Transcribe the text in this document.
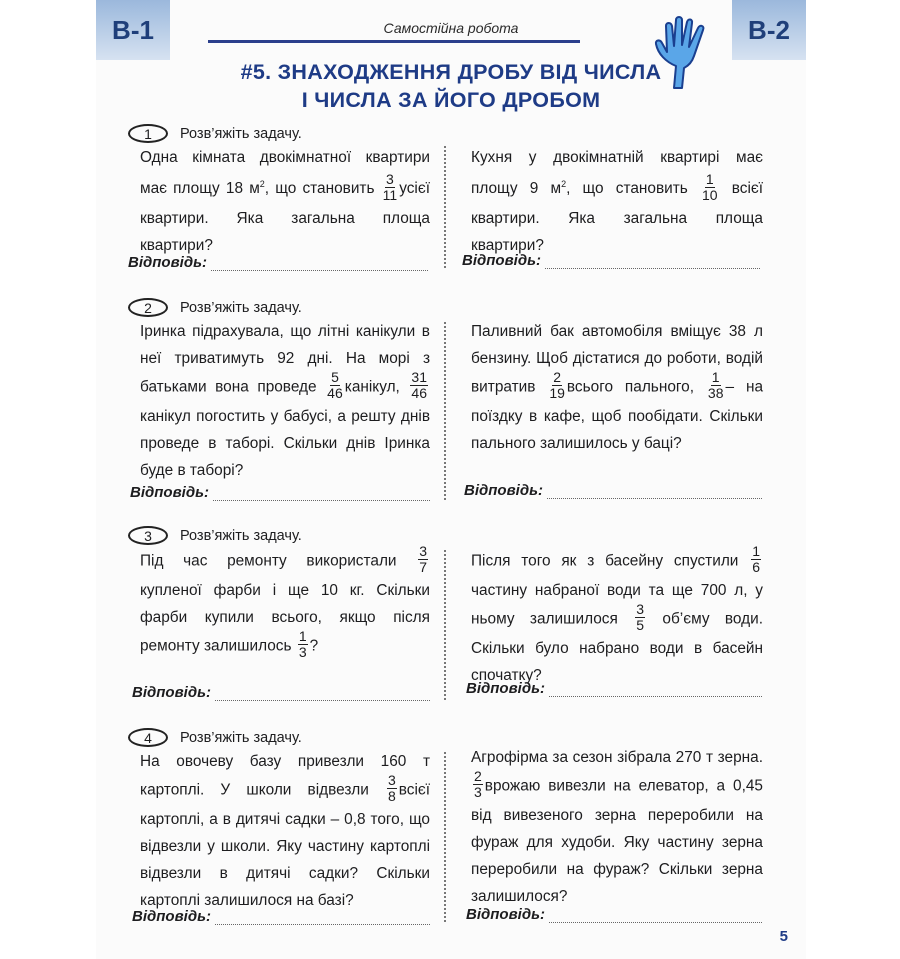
В-1	В-2
Самостійна робота
#5. ЗНАХОДЖЕННЯ ДРОБУ ВІД ЧИСЛА
І ЧИСЛА ЗА ЙОГО ДРОБОМ
1	Розв’яжіть задачу.
Одна кімната двокімнатної квартири має площу 18 $м^2$, що становить $\frac{3}{11}$ усієї квартири. Яка загальна площа квартири?
Кухня у двокімнатній квартирі має площу 9 $м^2$, що становить $\frac{1}{10}$ всієї квартири. Яка загальна площа квартири?
Відповідь:	Відповідь:
2	Розв’яжіть задачу.
Іринка підрахувала, що літні канікули в неї триватимуть 92 дні. На морі з батьками вона проведе $\frac{5}{46}$ канікул, $\frac{31}{46}$
канікул погостить у бабусі, а решту днів проведе в таборі. Скільки днів Іринка буде в таборі?
Паливний бак автомобіля вміщує 38 л бензину. Щоб дістатися до роботи, водій витратив $\frac{2}{19}$ всього пального, $\frac{1}{38}$ – на поїздку в кафе, щоб пообідати. Скільки пального залишилось у баці?
Відповідь:	Відповідь:
3	Розв’яжіть задачу.
Під час ремонту використали $\frac{3}{7}$
купленої фарби і ще 10 кг. Скільки фарби купили всього, якщо після ремонту залишилось $\frac{1}{3}$ ?
Після того як з басейну спустили $\frac{1}{6}$
частину набраної води та ще 700 л, у ньому залишилося $\frac{3}{5}$ об’єму води. Скільки було набрано води в басейн спочатку?
Відповідь:	Відповідь:
4	Розв’яжіть задачу.
На овочеву базу привезли 160 т картоплі. У школи відвезли $\frac{3}{8}$ всієї картоплі, а в дитячі садки – 0,8 того, що відвезли у школи. Яку частину картоплі відвезли в дитячі садки? Скільки картоплі залишилося на базі?
Агрофірма за сезон зібрала 270 т зерна.
$\frac{2}{3}$ врожаю вивезли на елеватор, а 0,45 від вивезеного зерна переробили на фураж для худоби. Яку частину зерна переробили на фураж? Скільки зерна залишилося?
Відповідь:	Відповідь:
5
